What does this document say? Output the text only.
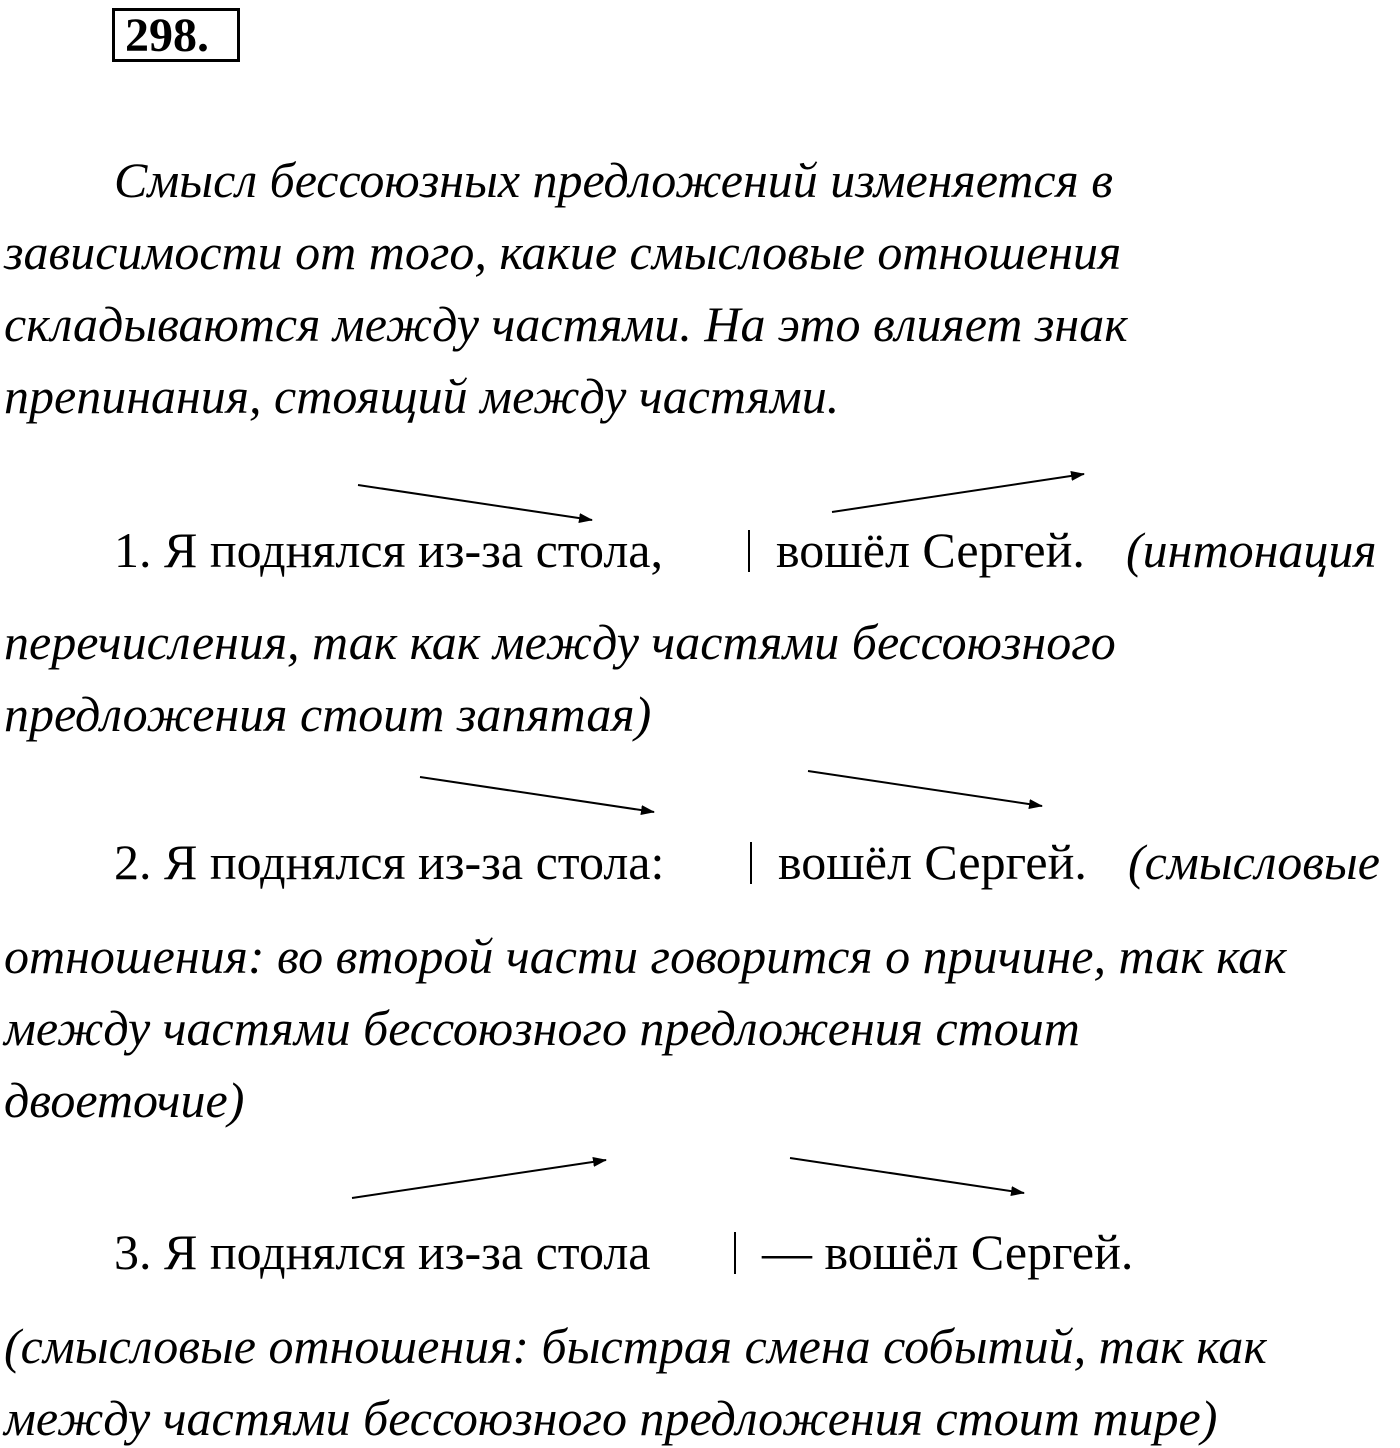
298.
Смысл бессоюзных предложений изменяется в
зависимости от того, какие смысловые отношения
складываются между частями. На это влияет знак
препинания, стоящий между частями.
1. Я поднялся из-за стола, вошёл Сергей. (интонация
перечисления, так как между частями бессоюзного
предложения стоит запятая)
2. Я поднялся из-за стола: вошёл Сергей. (смысловые
отношения: во второй части говорится о причине, так как
между частями бессоюзного предложения стоит
двоеточие)
3. Я поднялся из-за стола — вошёл Сергей.
(смысловые отношения: быстрая смена событий, так как
между частями бессоюзного предложения стоит тире)
